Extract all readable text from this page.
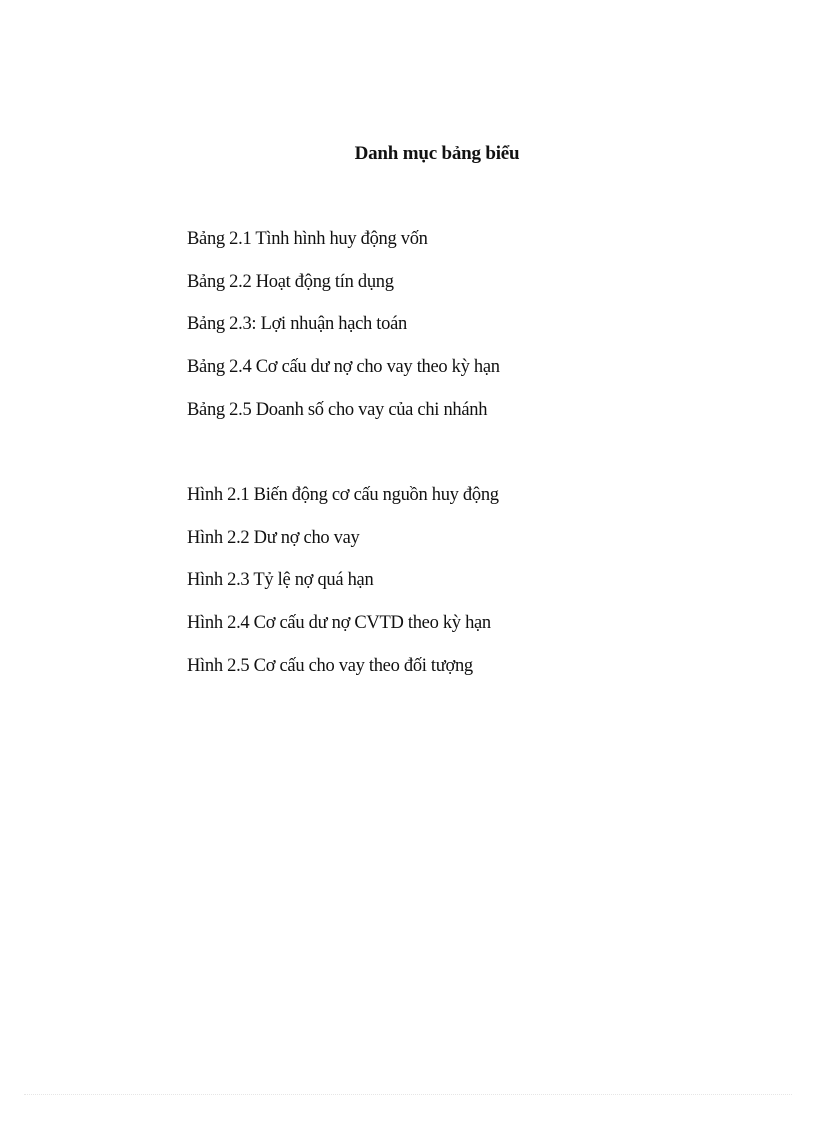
Danh mục bảng biểu
Bảng 2.1 Tình hình huy động vốn
Bảng 2.2 Hoạt động tín dụng
Bảng 2.3: Lợi nhuận hạch toán
Bảng 2.4 Cơ cấu dư nợ cho vay theo kỳ hạn
Bảng 2.5 Doanh số cho vay của chi nhánh
Hình 2.1 Biến động cơ cấu nguồn huy động
Hình 2.2 Dư nợ cho vay
Hình 2.3 Tỷ lệ nợ quá hạn
Hình 2.4 Cơ cấu dư nợ CVTD theo kỳ hạn
Hình 2.5 Cơ cấu cho vay theo đối tượng
